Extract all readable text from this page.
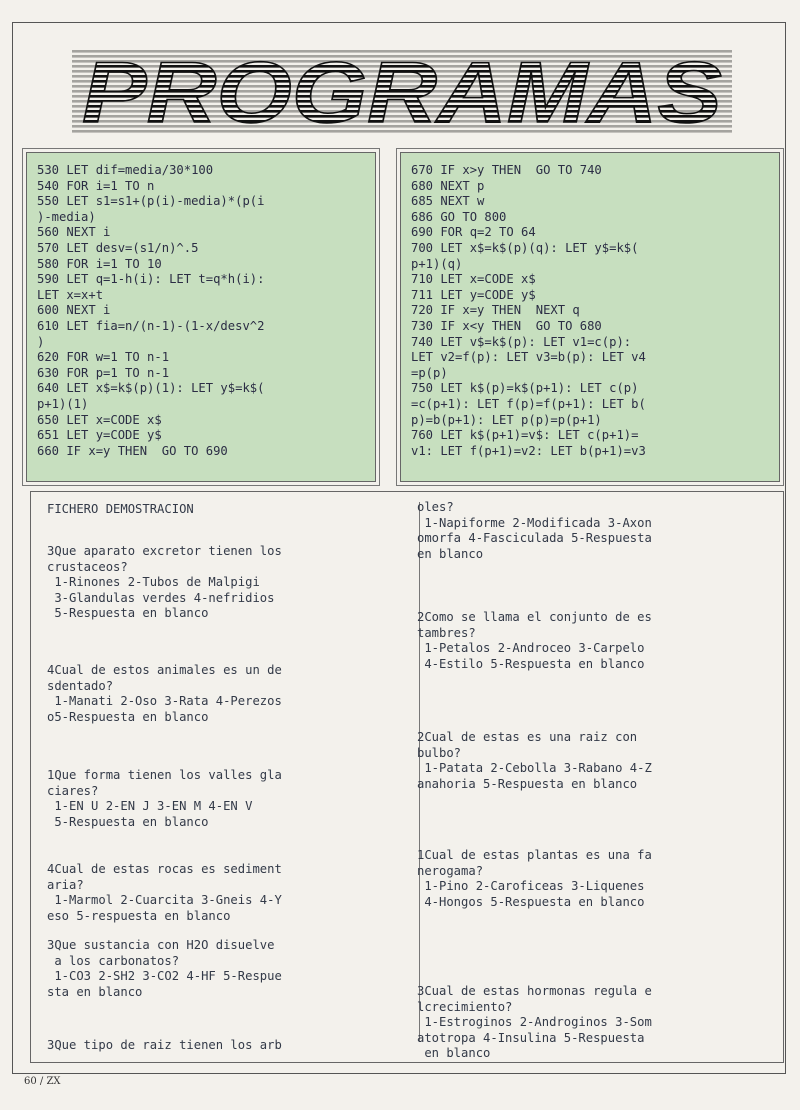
PROGRAMAS
530 LET dif=media/30*100
540 FOR i=1 TO n
550 LET s1=s1+(p(i)-media)*(p(i
)-media)
560 NEXT i
570 LET desv=(s1/n)^.5
580 FOR i=1 TO 10
590 LET q=1-h(i): LET t=q*h(i):
LET x=x+t
600 NEXT i
610 LET fia=n/(n-1)-(1-x/desv^2
)
620 FOR w=1 TO n-1
630 FOR p=1 TO n-1
640 LET x$=k$(p)(1): LET y$=k$(
p+1)(1)
650 LET x=CODE x$
651 LET y=CODE y$
660 IF x=y THEN  GO TO 690
670 IF x>y THEN  GO TO 740
680 NEXT p
685 NEXT w
686 GO TO 800
690 FOR q=2 TO 64
700 LET x$=k$(p)(q): LET y$=k$(
p+1)(q)
710 LET x=CODE x$
711 LET y=CODE y$
720 IF x=y THEN  NEXT q
730 IF x<y THEN  GO TO 680
740 LET v$=k$(p): LET v1=c(p):
LET v2=f(p): LET v3=b(p): LET v4
=p(p)
750 LET k$(p)=k$(p+1): LET c(p)
=c(p+1): LET f(p)=f(p+1): LET b(
p)=b(p+1): LET p(p)=p(p+1)
760 LET k$(p+1)=v$: LET c(p+1)=
v1: LET f(p+1)=v2: LET b(p+1)=v3
FICHERO DEMOSTRACION
3Que aparato excretor tienen los
crustaceos?
1-Rinones 2-Tubos de Malpigi
3-Glandulas verdes 4-nefridios
5-Respuesta en blanco
4Cual de estos animales es un de
sdentado?
1-Manati 2-Oso 3-Rata 4-Perezos
o5-Respuesta en blanco
1Que forma tienen los valles gla
ciares?
1-EN U 2-EN J 3-EN M 4-EN V
5-Respuesta en blanco
4Cual de estas rocas es sediment
aria?
1-Marmol 2-Cuarcita 3-Gneis 4-Y
eso 5-respuesta en blanco
3Que sustancia con H2O disuelve
a los carbonatos?
1-CO3 2-SH2 3-CO2 4-HF 5-Respue
sta en blanco
3Que tipo de raiz tienen los arb
oles?
1-Napiforme 2-Modificada 3-Axon
omorfa 4-Fasciculada 5-Respuesta
en blanco
2Como se llama el conjunto de es
tambres?
1-Petalos 2-Androceo 3-Carpelo
4-Estilo 5-Respuesta en blanco
2Cual de estas es una raiz con
bulbo?
1-Patata 2-Cebolla 3-Rabano 4-Z
anahoria 5-Respuesta en blanco
1Cual de estas plantas es una fa
nerogama?
1-Pino 2-Caroficeas 3-Liquenes
4-Hongos 5-Respuesta en blanco
3Cual de estas hormonas regula e
lcrecimiento?
1-Estroginos 2-Androginos 3-Som
atotropa 4-Insulina 5-Respuesta
en blanco
60 / ZX
